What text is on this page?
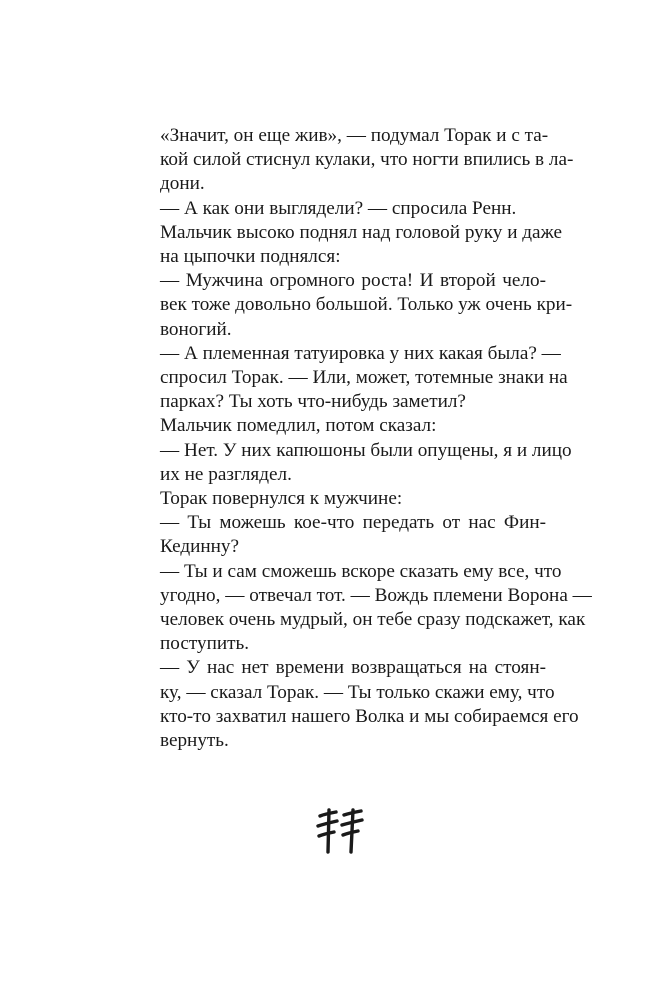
«Значит, он еще жив», — подумал Торак и с та-
кой силой стиснул кулаки, что ногти впились в ла-
дони.

— А как они выглядели? — спросила Ренн.

Мальчик высоко поднял над головой руку и даже
на цыпочки поднялся:

— Мужчина огромного роста! И второй чело-
век тоже довольно большой. Только уж очень кри-
воногий.

— А племенная татуировка у них какая была? —
спросил Торак. — Или, может, тотемные знаки на
парках? Ты хоть что-нибудь заметил?

Мальчик помедлил, потом сказал:

— Нет. У них капюшоны были опущены, я и лицо
их не разглядел.

Торак повернулся к мужчине:

— Ты можешь кое-что передать от нас Фин-
Кединну?

— Ты и сам сможешь вскоре сказать ему все, что
угодно, — отвечал тот. — Вождь племени Ворона —
человек очень мудрый, он тебе сразу подскажет, как
поступить.

— У нас нет времени возвращаться на стоян-
ку, — сказал Торак. — Ты только скажи ему, что
кто-то захватил нашего Волка и мы собираемся его
вернуть.
